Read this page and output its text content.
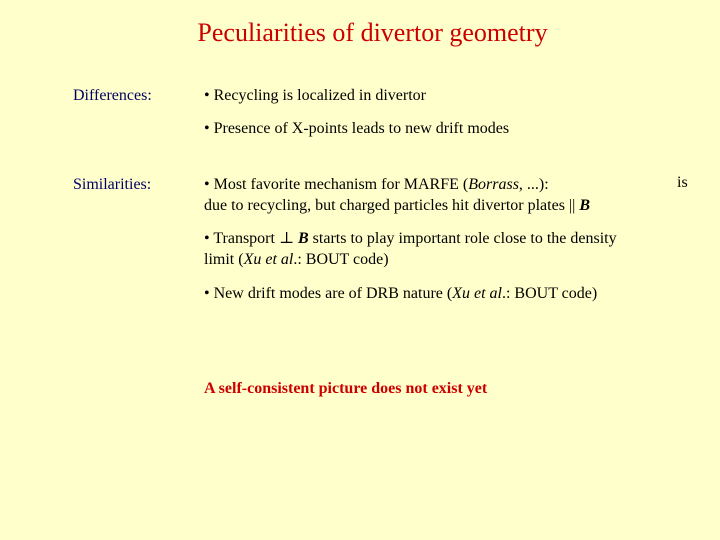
Peculiarities of divertor geometry
Differences:	• Recycling is localized in divertor
• Presence of X-points leads to new drift modes
Similarities:	• Most favorite mechanism for MARFE (Borrass, ...):
due to recycling, but charged particles hit divertor plates || B
is
• Transport ⊥ B starts to play important role close to the density
limit (Xu et al.: BOUT code)
• New drift modes are of DRB nature (Xu et al.: BOUT code)
A self-consistent picture does not exist yet
